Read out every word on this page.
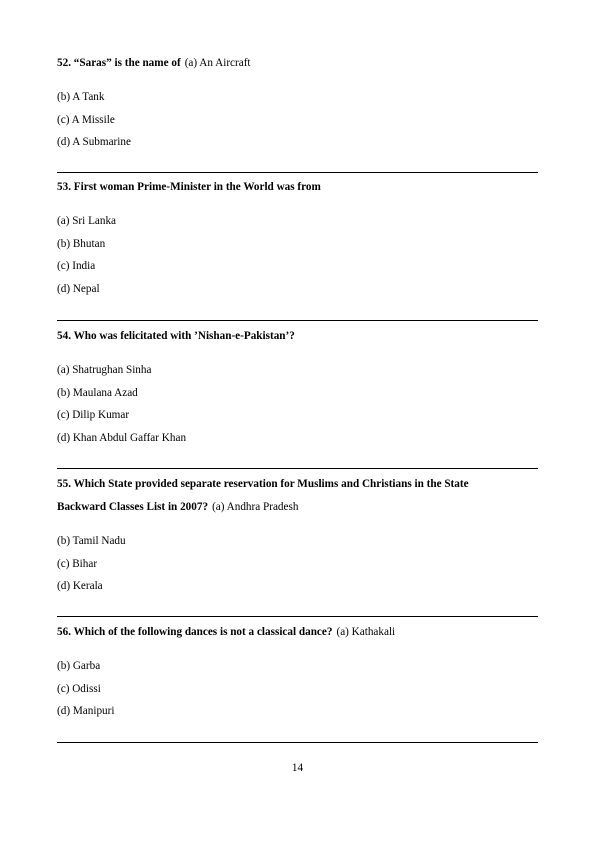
52. “Saras” is the name of (a) An Aircraft

(b) A Tank

(c) A Missile

(d) A Submarine

53. First woman Prime-Minister in the World was from

(a) Sri Lanka

(b) Bhutan

(c) India

(d) Nepal

54. Who was felicitated with ’Nishan-e-Pakistan’?

(a) Shatrughan Sinha

(b) Maulana Azad

(c) Dilip Kumar

(d) Khan Abdul Gaffar Khan

55. Which State provided separate reservation for Muslims and Christians in the State

Backward Classes List in 2007? (a) Andhra Pradesh

(b) Tamil Nadu

(c) Bihar

(d) Kerala

56. Which of the following dances is not a classical dance? (a) Kathakali

(b) Garba

(c) Odissi

(d) Manipuri

14
